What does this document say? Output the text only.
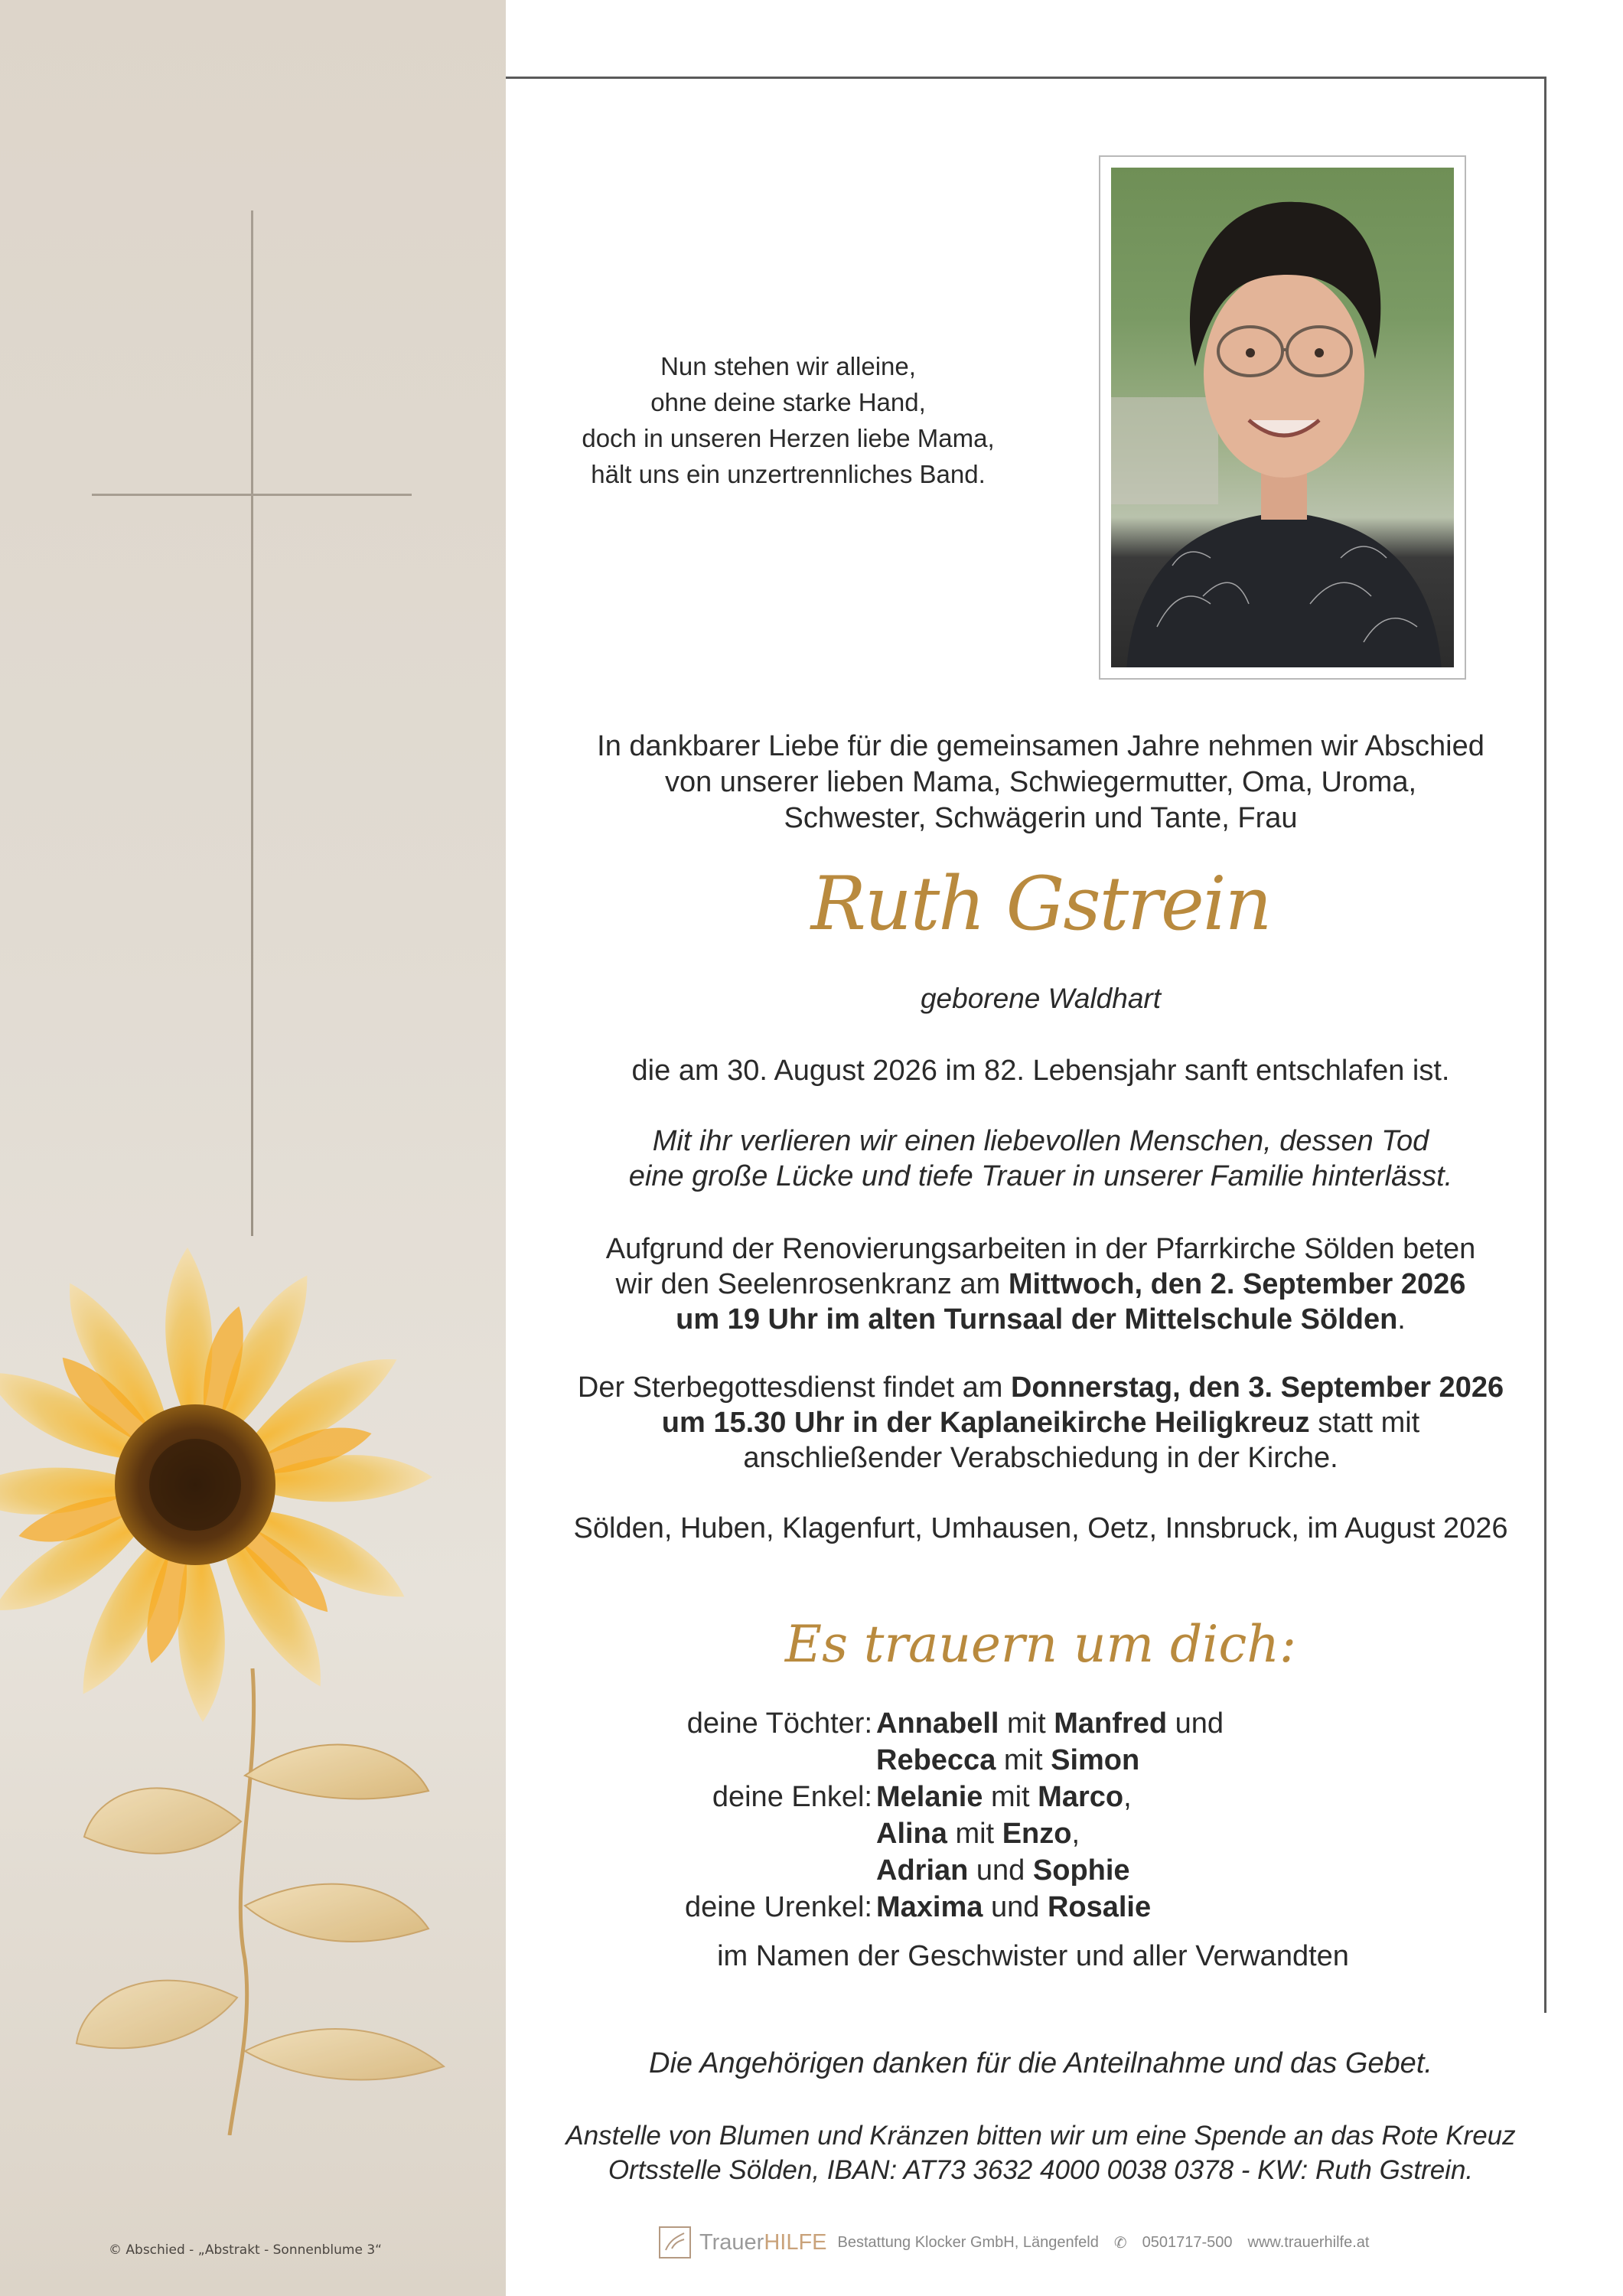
© Abschied - „Abstrakt - Sonnenblume 3“
Nun stehen wir alleine,
ohne deine starke Hand,
doch in unseren Herzen liebe Mama,
hält uns ein unzertrennliches Band.
In dankbarer Liebe für die gemeinsamen Jahre nehmen wir Abschied
von unserer lieben Mama, Schwiegermutter, Oma, Uroma,
Schwester, Schwägerin und Tante, Frau
Ruth Gstrein
geborene Waldhart
die am 30. August 2026 im 82. Lebensjahr sanft entschlafen ist.
Mit ihr verlieren wir einen liebevollen Menschen, dessen Tod
eine große Lücke und tiefe Trauer in unserer Familie hinterlässt.
Aufgrund der Renovierungsarbeiten in der Pfarrkirche Sölden beten
wir den Seelenrosenkranz am Mittwoch, den 2. September 2026
um 19 Uhr im alten Turnsaal der Mittelschule Sölden.
Der Sterbegottesdienst findet am Donnerstag, den 3. September 2026
um 15.30 Uhr in der Kaplaneikirche Heiligkreuz statt mit
anschließender Verabschiedung in der Kirche.
Sölden, Huben, Klagenfurt, Umhausen, Oetz, Innsbruck, im August 2026
Es trauern um dich:
deine Töchter: Annabell mit Manfred und
Rebecca mit Simon
deine Enkel: Melanie mit Marco,
Alina mit Enzo,
Adrian und Sophie
deine Urenkel: Maxima und Rosalie
im Namen der Geschwister und aller Verwandten
Die Angehörigen danken für die Anteilnahme und das Gebet.
Anstelle von Blumen und Kränzen bitten wir um eine Spende an das Rote Kreuz
Ortsstelle Sölden, IBAN: AT73 3632 4000 0038 0378 - KW: Ruth Gstrein.
TrauerHILFE Bestattung Klocker GmbH, Längenfeld ✆ 0501717-500 www.trauerhilfe.at
